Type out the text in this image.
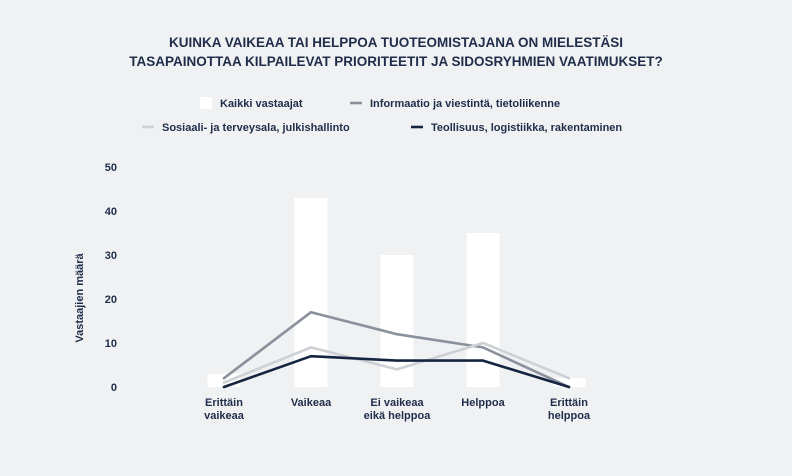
KUINKA VAIKEAA TAI HELPPOA TUOTEOMISTAJANA ON MIELESTÄSI
TASAPAINOTTAA KILPAILEVAT PRIORITEETIT JA SIDOSRYHMIEN VAATIMUKSET?
Kaikki vastaajat	Informaatio ja viestintä, tietoliikenne
Sosiaali- ja terveysala, julkishallinto	Teollisuus, logistiikka, rakentaminen
Vastaajien määrä
0
10
20
30
40
50
Erittäin
vaikeaa
Vaikeaa	Ei vaikeaa
eikä helppoa
Helppoa	Erittäin
helppoa
